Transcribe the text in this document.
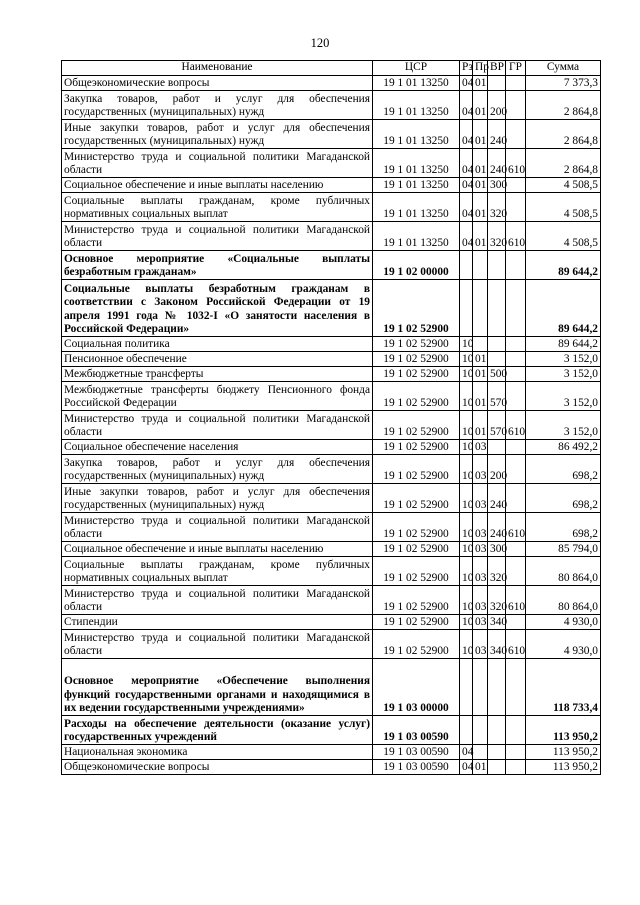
120
Наименование	ЦСР	Рз	Пр	ВР	ГР	Сумма
Общеэкономические вопросы	19 1 01 13250	04	01			7 373,3
Закупка товаров, работ и услуг для обеспечения государственных (муниципальных) нужд	19 1 01 13250	04	01	200		2 864,8
Иные закупки товаров, работ и услуг для обеспечения государственных (муниципальных) нужд	19 1 01 13250	04	01	240		2 864,8
Министерство труда и социальной политики Магаданской области	19 1 01 13250	04	01	240	610	2 864,8
Социальное обеспечение и иные выплаты населению	19 1 01 13250	04	01	300		4 508,5
Социальные выплаты гражданам, кроме публичных нормативных социальных выплат	19 1 01 13250	04	01	320		4 508,5
Министерство труда и социальной политики Магаданской области	19 1 01 13250	04	01	320	610	4 508,5
Основное мероприятие «Социальные выплаты безработным гражданам»	19 1 02 00000					89 644,2
Социальные выплаты безработным гражданам в соответствии с Законом Российской Федерации от 19 апреля 1991 года № 1032-I «О занятости населения в Российской Федерации»	19 1 02 52900					89 644,2
Социальная политика	19 1 02 52900	10				89 644,2
Пенсионное обеспечение	19 1 02 52900	10	01			3 152,0
Межбюджетные трансферты	19 1 02 52900	10	01	500		3 152,0
Межбюджетные трансферты бюджету Пенсионного фонда Российской Федерации	19 1 02 52900	10	01	570		3 152,0
Министерство труда и социальной политики Магаданской области	19 1 02 52900	10	01	570	610	3 152,0
Социальное обеспечение населения	19 1 02 52900	10	03			86 492,2
Закупка товаров, работ и услуг для обеспечения государственных (муниципальных) нужд	19 1 02 52900	10	03	200		698,2
Иные закупки товаров, работ и услуг для обеспечения государственных (муниципальных) нужд	19 1 02 52900	10	03	240		698,2
Министерство труда и социальной политики Магаданской области	19 1 02 52900	10	03	240	610	698,2
Социальное обеспечение и иные выплаты населению	19 1 02 52900	10	03	300		85 794,0
Социальные выплаты гражданам, кроме публичных нормативных социальных выплат	19 1 02 52900	10	03	320		80 864,0
Министерство труда и социальной политики Магаданской области	19 1 02 52900	10	03	320	610	80 864,0
Стипендии	19 1 02 52900	10	03	340		4 930,0
Министерство труда и социальной политики Магаданской области	19 1 02 52900	10	03	340	610	4 930,0
Основное мероприятие «Обеспечение выполнения функций государственными органами и находящимися в их ведении государственными учреждениями»	19 1 03 00000					118 733,4
Расходы на обеспечение деятельности (оказание услуг) государственных учреждений	19 1 03 00590					113 950,2
Национальная экономика	19 1 03 00590	04				113 950,2
Общеэкономические вопросы	19 1 03 00590	04	01			113 950,2
